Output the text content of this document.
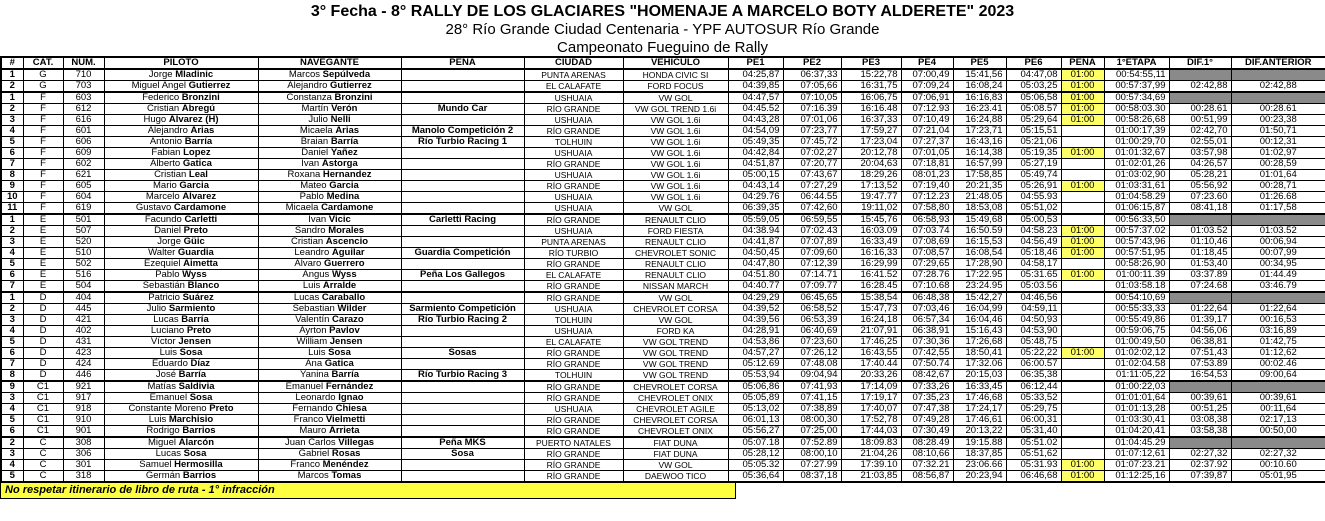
3° Fecha - 8° RALLY DE LOS GLACIARES "HOMENAJE A MARCELO BOTY ALDERETE" 2023
28° Río Grande Ciudad Centenaria - YPF AUTOSUR Río Grande
Campeonato Fueguino de Rally
#	CAT.	NÚM.	PILOTO	NAVEGANTE	PEÑA	CIUDAD	VEHÍCULO	PE1	PE2	PE3	PE4	PE5	PE6	PENA	1°ETAPA	DIF.1°	DIF.ANTERIOR
1	G	710	Jorge Mladinic	Marcos Sepúlveda		PUNTA ARENAS	HONDA CIVIC SI	04:25,87	06:37,33	15:22,78	07:00,49	15:41,56	04:47,08	01:00	00:54:55,11		
2	G	703	Miguel Angel Gutierrez	Alejandro Gutierrez		EL CALAFATE	FORD FOCUS	04:39,85	07:05,66	16:31,75	07:09,24	16:08,24	05:03,25	01:00	00:57:37,99	02:42,88	02:42,88
1	F	603	Federico Bronzini	Constanza Bronzini		USHUAIA	VW GOL	04:47,57	07:10,05	16:06,75	07:06,91	16:16,83	05:06,58	01:00	00:57:34,69		
2	F	612	Cristian Abregú	Martín Verón	Mundo Car	RÍO GRANDE	VW GOL TREND 1.6i	04:45.52	07:16.39	16:16.48	07:12.93	16:23.41	05:08.57	01:00	00:58:03.30	00:28.61	00:28.61
3	F	616	Hugo Alvarez (H)	Julio Nelli		USHUAIA	VW GOL 1.6i	04:43,28	07:01,06	16:37,33	07:10,49	16:24,88	05:29,64	01:00	00:58:26,68	00:51,99	00:23,38
4	F	601	Alejandro Arias	Micaela Arias	Manolo Competición 2	RÍO GRANDE	VW GOL 1.6i	04:54,09	07:23,77	17:59,27	07:21,04	17:23,71	05:15,51		01:00:17,39	02:42,70	01:50,71
5	F	606	Antonio Barría	Braian Barría	Río Turbio Racing 1	TOLHUIN	VW GOL 1.6i	05:49,35	07:45,72	17:23,04	07:27,37	16:43,16	05:21,06		01:00:29,70	02:55,01	00:12,31
6	F	609	Fabian Lopez	Daniel Yañez		USHUAIA	VW GOL 1.6i	04:42,84	07:02,27	20:12,78	07:01,05	16:14,38	05:19,35	01:00	01:01:32,67	03:57,98	01:02,97
7	F	602	Alberto Gatica	Ivan Astorga		RÍO GRANDE	VW GOL 1.6i	04:51,87	07:20,77	20:04,63	07:18,81	16:57,99	05:27,19		01:02:01,26	04:26,57	00:28,59
8	F	621	Cristian Leal	Roxana Hernandez		USHUAIA	VW GOL 1.6i	05:00,15	07:43,67	18:29,26	08:01,23	17:58,85	05:49,74		01:03:02,90	05:28,21	01:01,64
9	F	605	Mario Garcia	Mateo Garcia		RÍO GRANDE	VW GOL 1.6i	04:43,14	07:27,29	17:13,52	07:19,40	20:21,35	05:26,91	01:00	01:03:31,61	05:56,92	00:28,71
10	F	604	Marcelo Alvarez	Pablo Medina		USHUAIA	VW GOL 1.6i	04:29.76	06:44.55	19:47.77	07:12.23	21:48.05	04:55.93		01:04:58.29	07:23.60	01:26.68
11	F	619	Gustavo Cardamone	Micaela Cardamone		USHUAIA	VW GOL	06:39,35	07:42,60	19:11,02	07:58,80	18:53,08	05:51,02		01:06:15,87	08:41,18	01:17,58
1	E	501	Facundo Carletti	Ivan Vicic	Carletti Racing	RÍO GRANDE	RENAULT CLIO	05:59,05	06:59,55	15:45,76	06:58,93	15:49,68	05:00,53		00:56:33,50		
2	E	507	Daniel Preto	Sandro Morales		USHUAIA	FORD FIESTA	04:38.94	07:02.43	16:03.09	07:03.74	16:50.59	04:58.23	01:00	00:57:37.02	01:03.52	01:03.52
3	E	520	Jorge Güic	Cristian Ascencio		PUNTA ARENAS	RENAULT CLIO	04:41,87	07:07,89	16:33,49	07:08,69	16:15,53	04:56,49	01:00	00:57:43,96	01:10,46	00:06,94
4	E	510	Walter Guardia	Leandro Aguilar	Guardia Competición	RÍO TURBIO	CHEVROLET SONIC	04:50,45	07:09,60	16:16,33	07:08,57	16:08,54	05:18,46	01:00	00:57:51,95	01:18,45	00:07,99
5	E	502	Ezequiel Aimetta	Alvaro Guerrero		RÍO GRANDE	RENAULT CLIO	04:47,80	07:12,39	16:29,99	07:29,65	17:28,90	04:58,17		00:58:26,90	01:53,40	00:34,95
6	E	516	Pablo Wyss	Angus Wyss	Peña Los Gallegos	EL CALAFATE	RENAULT CLIO	04:51.80	07:14.71	16:41.52	07:28.76	17:22.95	05:31.65	01:00	01:00:11.39	03:37.89	01:44.49
7	E	504	Sebastián Blanco	Luis Arralde		RÍO GRANDE	NISSAN MARCH	04:40.77	07:09.77	16:28.45	07:10.68	23:24.95	05:03.56		01:03:58.18	07:24.68	03:46.79
1	D	404	Patricio Suárez	Lucas Caraballo		RÍO GRANDE	VW GOL	04:29,29	06:45,65	15:38,54	06:48,38	15:42,27	04:46,56		00:54:10,69		
2	D	445	Julio Sarmiento	Sebastian Wilder	Sarmiento Competición	USHUAIA	CHEVROLET CORSA	04:39,52	06:58,52	15:47,73	07:03,46	16:04,99	04:59,11		00:55:33,33	01:22,64	01:22,64
3	D	421	Lucas Barría	Valentín Carazo	Río Turbio Racing 2	TOLHUIN	VW GOL	04:39,56	06:53,39	16:24,18	06:57,34	16:04,46	04:50,93		00:55:49,86	01:39,17	00:16,53
4	D	402	Luciano Preto	Ayrton Pavlov		USHUAIA	FORD KA	04:28,91	06:40,69	21:07,91	06:38,91	15:16,43	04:53,90		00:59:06,75	04:56,06	03:16,89
5	D	431	Víctor Jensen	William Jensen		EL CALAFATE	VW GOL TREND	04:53,86	07:23,60	17:46,25	07:30,36	17:26,68	05:48,75		01:00:49,50	06:38,81	01:42,75
6	D	423	Luis Sosa	Luis Sosa	Sosas	RÍO GRANDE	VW GOL TREND	04:57,27	07:26,12	16:43,55	07:42,55	18:50,41	05:22,22	01:00	01:02:02,12	07:51,43	01:12,62
7	D	424	Eduardo Díaz	Ana Gatica		RÍO GRANDE	VW GOL TREND	05:12.69	07:48.08	17:40.44	07:50.74	17:32.06	06:00.57		01:02:04.58	07:53.89	00:02.46
8	D	446	José Barría	Yanina Barría	Río Turbio Racing 3	TOLHUIN	VW GOL TREND	05:53,94	09:04,94	20:33,26	08:42,67	20:15,03	06:35,38		01:11:05,22	16:54,53	09:00,64
9	C1	921	Matías Saldivia	Emanuel Fernández		RÍO GRANDE	CHEVROLET CORSA	05:06,86	07:41,93	17:14,09	07:33,26	16:33,45	06:12,44		01:00:22,03		
3	C1	917	Emanuel Sosa	Leonardo Ignao		RÍO GRANDE	CHEVROLET ONIX	05:05,89	07:41,15	17:19,17	07:35,23	17:46,68	05:33,52		01:01:01,64	00:39,61	00:39,61
4	C1	918	Constante Moreno Preto	Fernando Chiesa		USHUAIA	CHEVROLET AGILE	05:13,02	07:38,89	17:40,07	07:47,38	17:24,17	05:29,75		01:01:13,28	00:51,25	00:11,64
5	C1	910	Luis Marchisio	Franco Vielmetti		RÍO GRANDE	CHEVROLET CORSA	06:01,13	08:00,30	17:52,78	07:49,28	17:46,61	06:00,31		01:03:30,41	03:08,38	02:17,13
6	C1	901	Rodrigo Barrios	Mauro Arrieta		RÍO GRANDE	CHEVROLET ONIX	05:56,27	07:25,00	17:44,03	07:30,49	20:13,22	05:31,40		01:04:20,41	03:58,38	00:50,00
2	C	308	Miguel Alarcón	Juan Carlos Villegas	Peña MKS	PUERTO NATALES	FIAT DUNA	05:07.18	07:52.89	18:09.83	08:28.49	19:15.88	05:51.02		01:04:45.29		
3	C	306	Lucas Sosa	Gabriel Rosas	Sosa	RÍO GRANDE	FIAT DUNA	05:28,12	08:00,10	21:04,26	08:10,66	18:37,85	05:51,62		01:07:12,61	02:27,32	02:27,32
4	C	301	Samuel Hermosilla	Franco Menéndez		RÍO GRANDE	VW GOL	05:05.32	07:27.99	17:39.10	07:32.21	23:06.66	05:31.93	01:00	01:07:23.21	02:37.92	00:10.60
5	C	318	Germán Barrios	Marcos Tomas		RÍO GRANDE	DAEWOO TICO	05:36,64	08:37,18	21:03,85	08:56,87	20:23,94	06:46,68	01:00	01:12:25,16	07:39,87	05:01,95
No respetar itinerario de libro de ruta - 1° infracción
